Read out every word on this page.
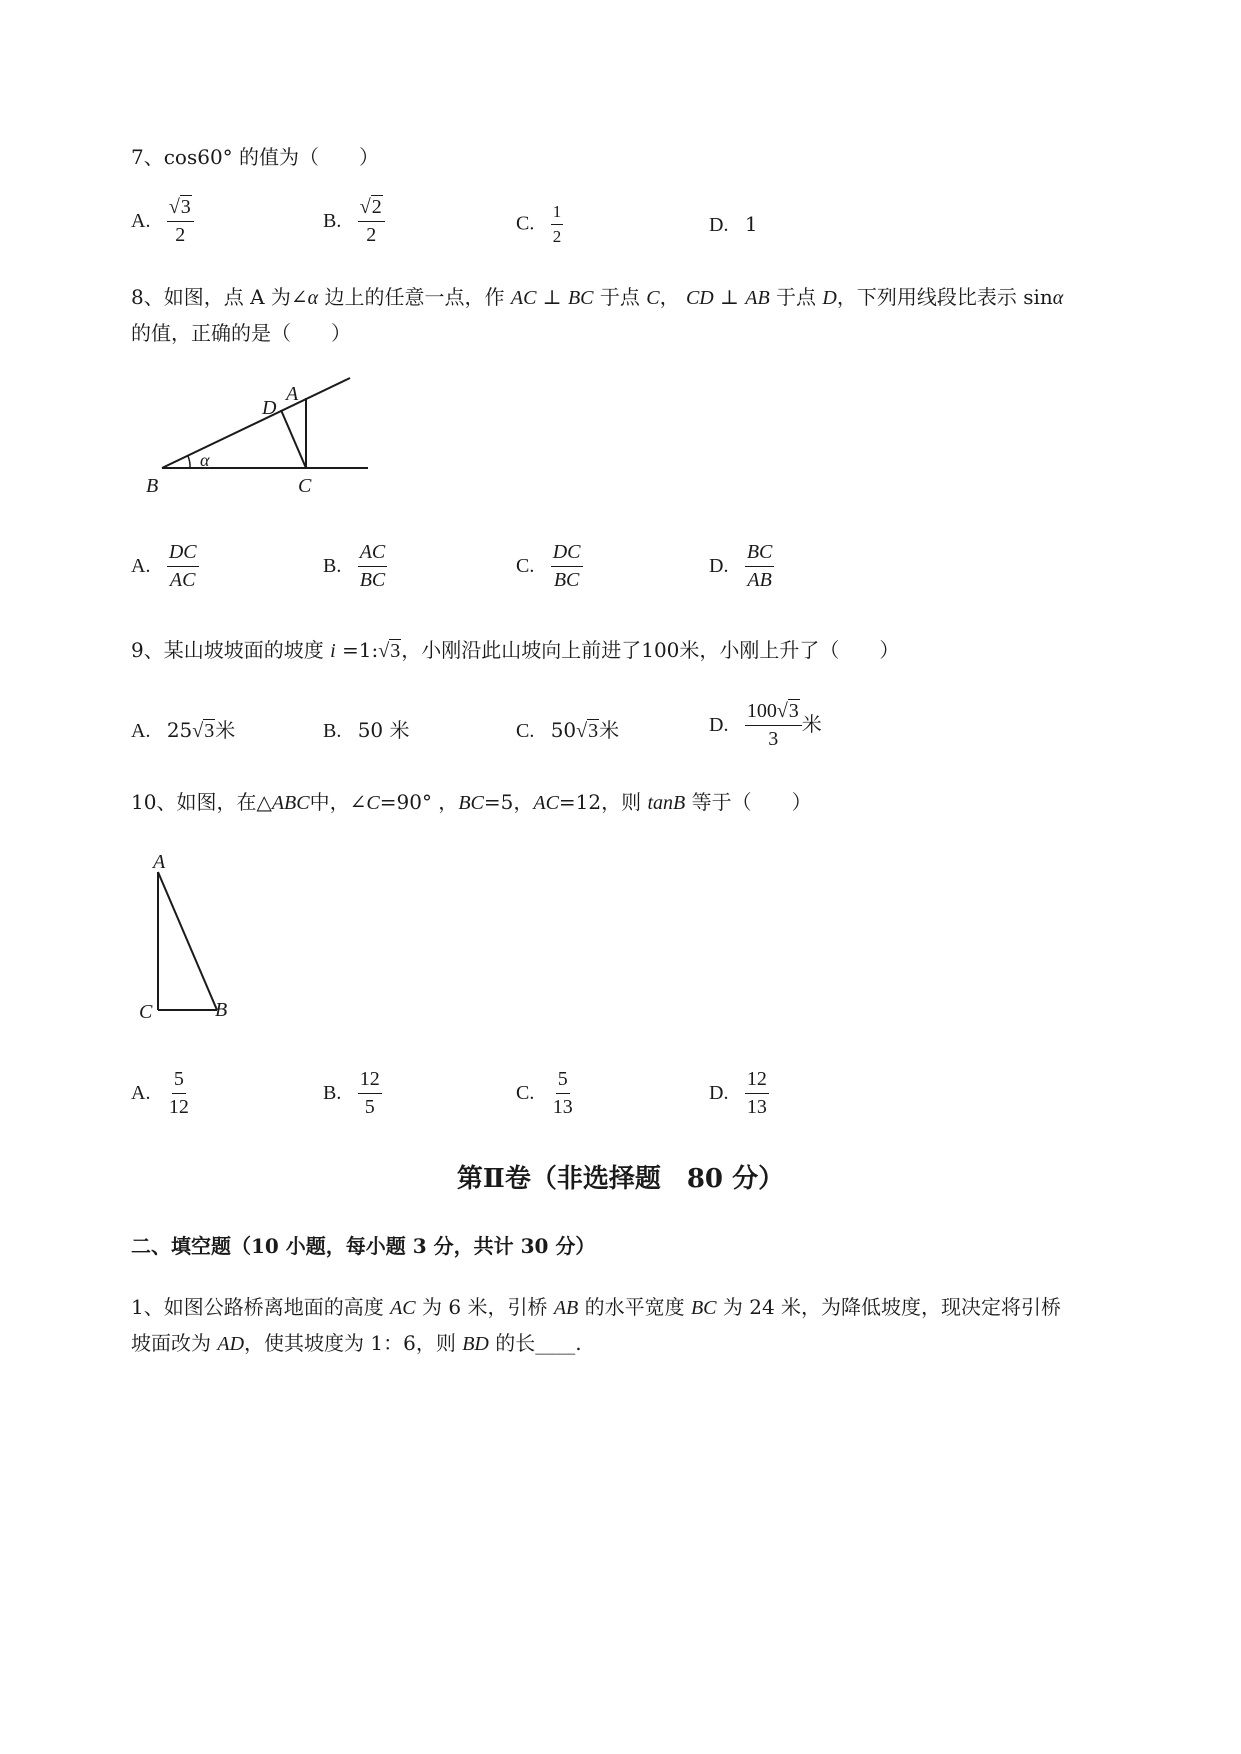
7、cos60° 的值为（　　）
A. $\frac{√3}{2}$	B. $\frac{√2}{2}$	C. $\frac{1}{2}$	D. 1
8、如图，点 A 为∠α 边上的任意一点，作 AC ⊥ BC 于点 C， CD ⊥ AB 于点 D，下列用线段比表示 sinα
的值，正确的是（　　）
B	C
D
A
α
A. $\frac{DC}{AC}$	B. $\frac{AC}{BC}$	C. $\frac{DC}{BC}$	D. $\frac{BC}{AB}$
9、某山坡坡面的坡度 i =1:√3，小刚沿此山坡向上前进了100米，小刚上升了（　　）
A. 25√3米	B. 50 米	C. 50√3米	D. $\frac{100√3}{3}$ 米
10、如图，在△ABC中，∠C=90° ，BC=5，AC=12，则 tanB 等于（　　）
A
C	B
A. $\frac{5}{12}$	B. $\frac{12}{5}$	C. $\frac{5}{13}$	D. $\frac{12}{13}$
第Ⅱ卷（非选择题　80 分）
二、填空题（10 小题，每小题 3 分，共计 30 分）
1、如图公路桥离地面的高度 AC 为 6 米，引桥 AB 的水平宽度 BC 为 24 米，为降低坡度，现决定将引桥
坡面改为 AD，使其坡度为 1：6，则 BD 的长____.
